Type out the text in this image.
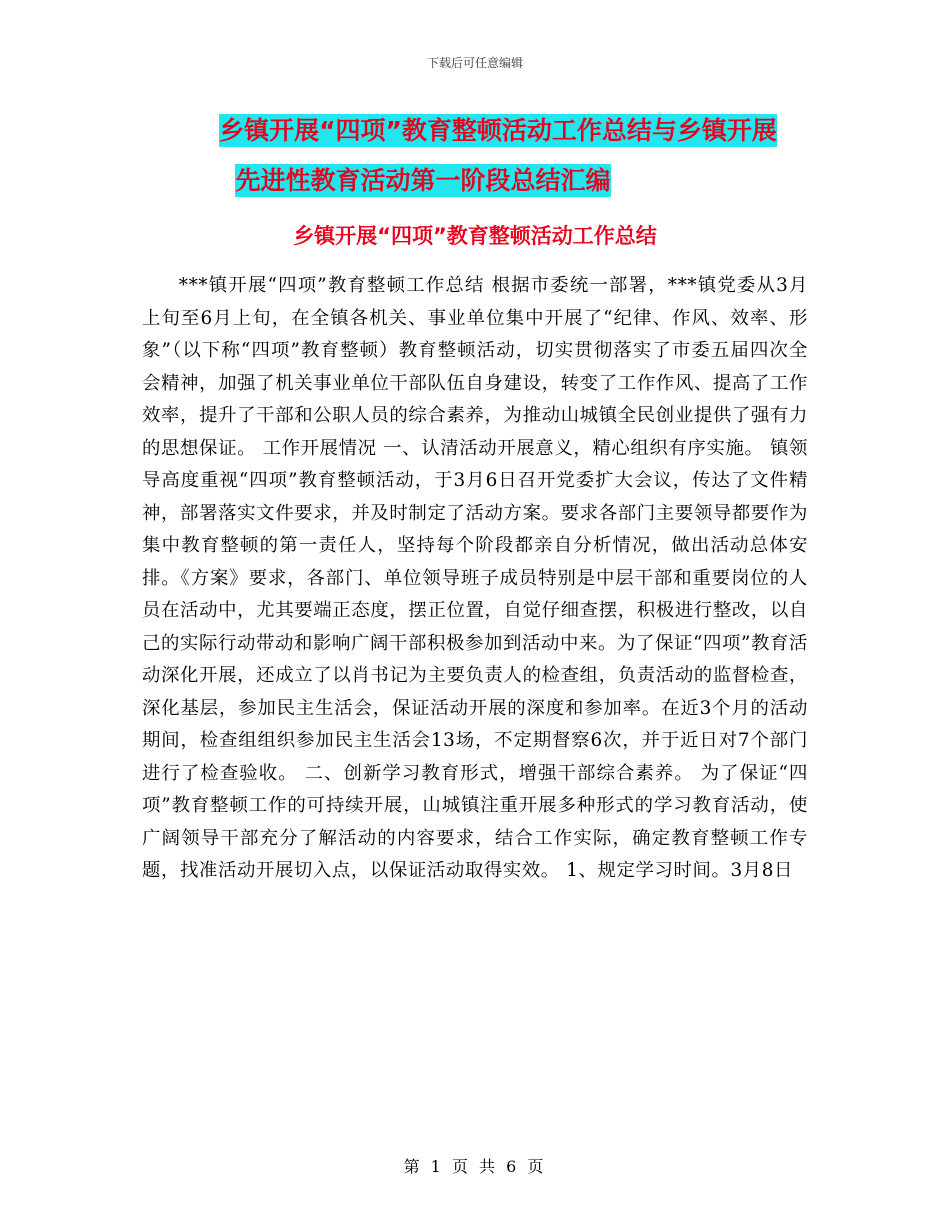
下载后可任意编辑
乡镇开展“四项”教育整顿活动工作总结与乡镇开展
先进性教育活动第一阶段总结汇编
乡镇开展“四项”教育整顿活动工作总结

***镇开展“四项”教育整顿工作总结 根据市委统一部署，***镇党委从3月上旬至6月上旬，在全镇各机关、事业单位集中开展了“纪律、作风、效率、形象”（以下称“四项”教育整顿）教育整顿活动，切实贯彻落实了市委五届四次全会精神，加强了机关事业单位干部队伍自身建设，转变了工作作风、提高了工作效率，提升了干部和公职人员的综合素养，为推动山城镇全民创业提供了强有力的思想保证。 工作开展情况 一、认清活动开展意义，精心组织有序实施。 镇领导高度重视“四项”教育整顿活动，于3月6日召开党委扩大会议，传达了文件精神，部署落实文件要求，并及时制定了活动方案。要求各部门主要领导都要作为集中教育整顿的第一责任人，坚持每个阶段都亲自分析情况，做出活动总体安排。《方案》要求，各部门、单位领导班子成员特别是中层干部和重要岗位的人员在活动中，尤其要端正态度，摆正位置，自觉仔细查摆，积极进行整改，以自己的实际行动带动和影响广阔干部积极参加到活动中来。为了保证“四项”教育活动深化开展，还成立了以肖书记为主要负责人的检查组，负责活动的监督检查，深化基层，参加民主生活会，保证活动开展的深度和参加率。在近3个月的活动期间，检查组组织参加民主生活会13场，不定期督察6次，并于近日对7个部门进行了检查验收。 二、创新学习教育形式，增强干部综合素养。 为了保证“四项”教育整顿工作的可持续开展，山城镇注重开展多种形式的学习教育活动，使广阔领导干部充分了解活动的内容要求，结合工作实际，确定教育整顿工作专题，找准活动开展切入点，以保证活动取得实效。 1、规定学习时间。3月8日

第 1 页 共 6 页
